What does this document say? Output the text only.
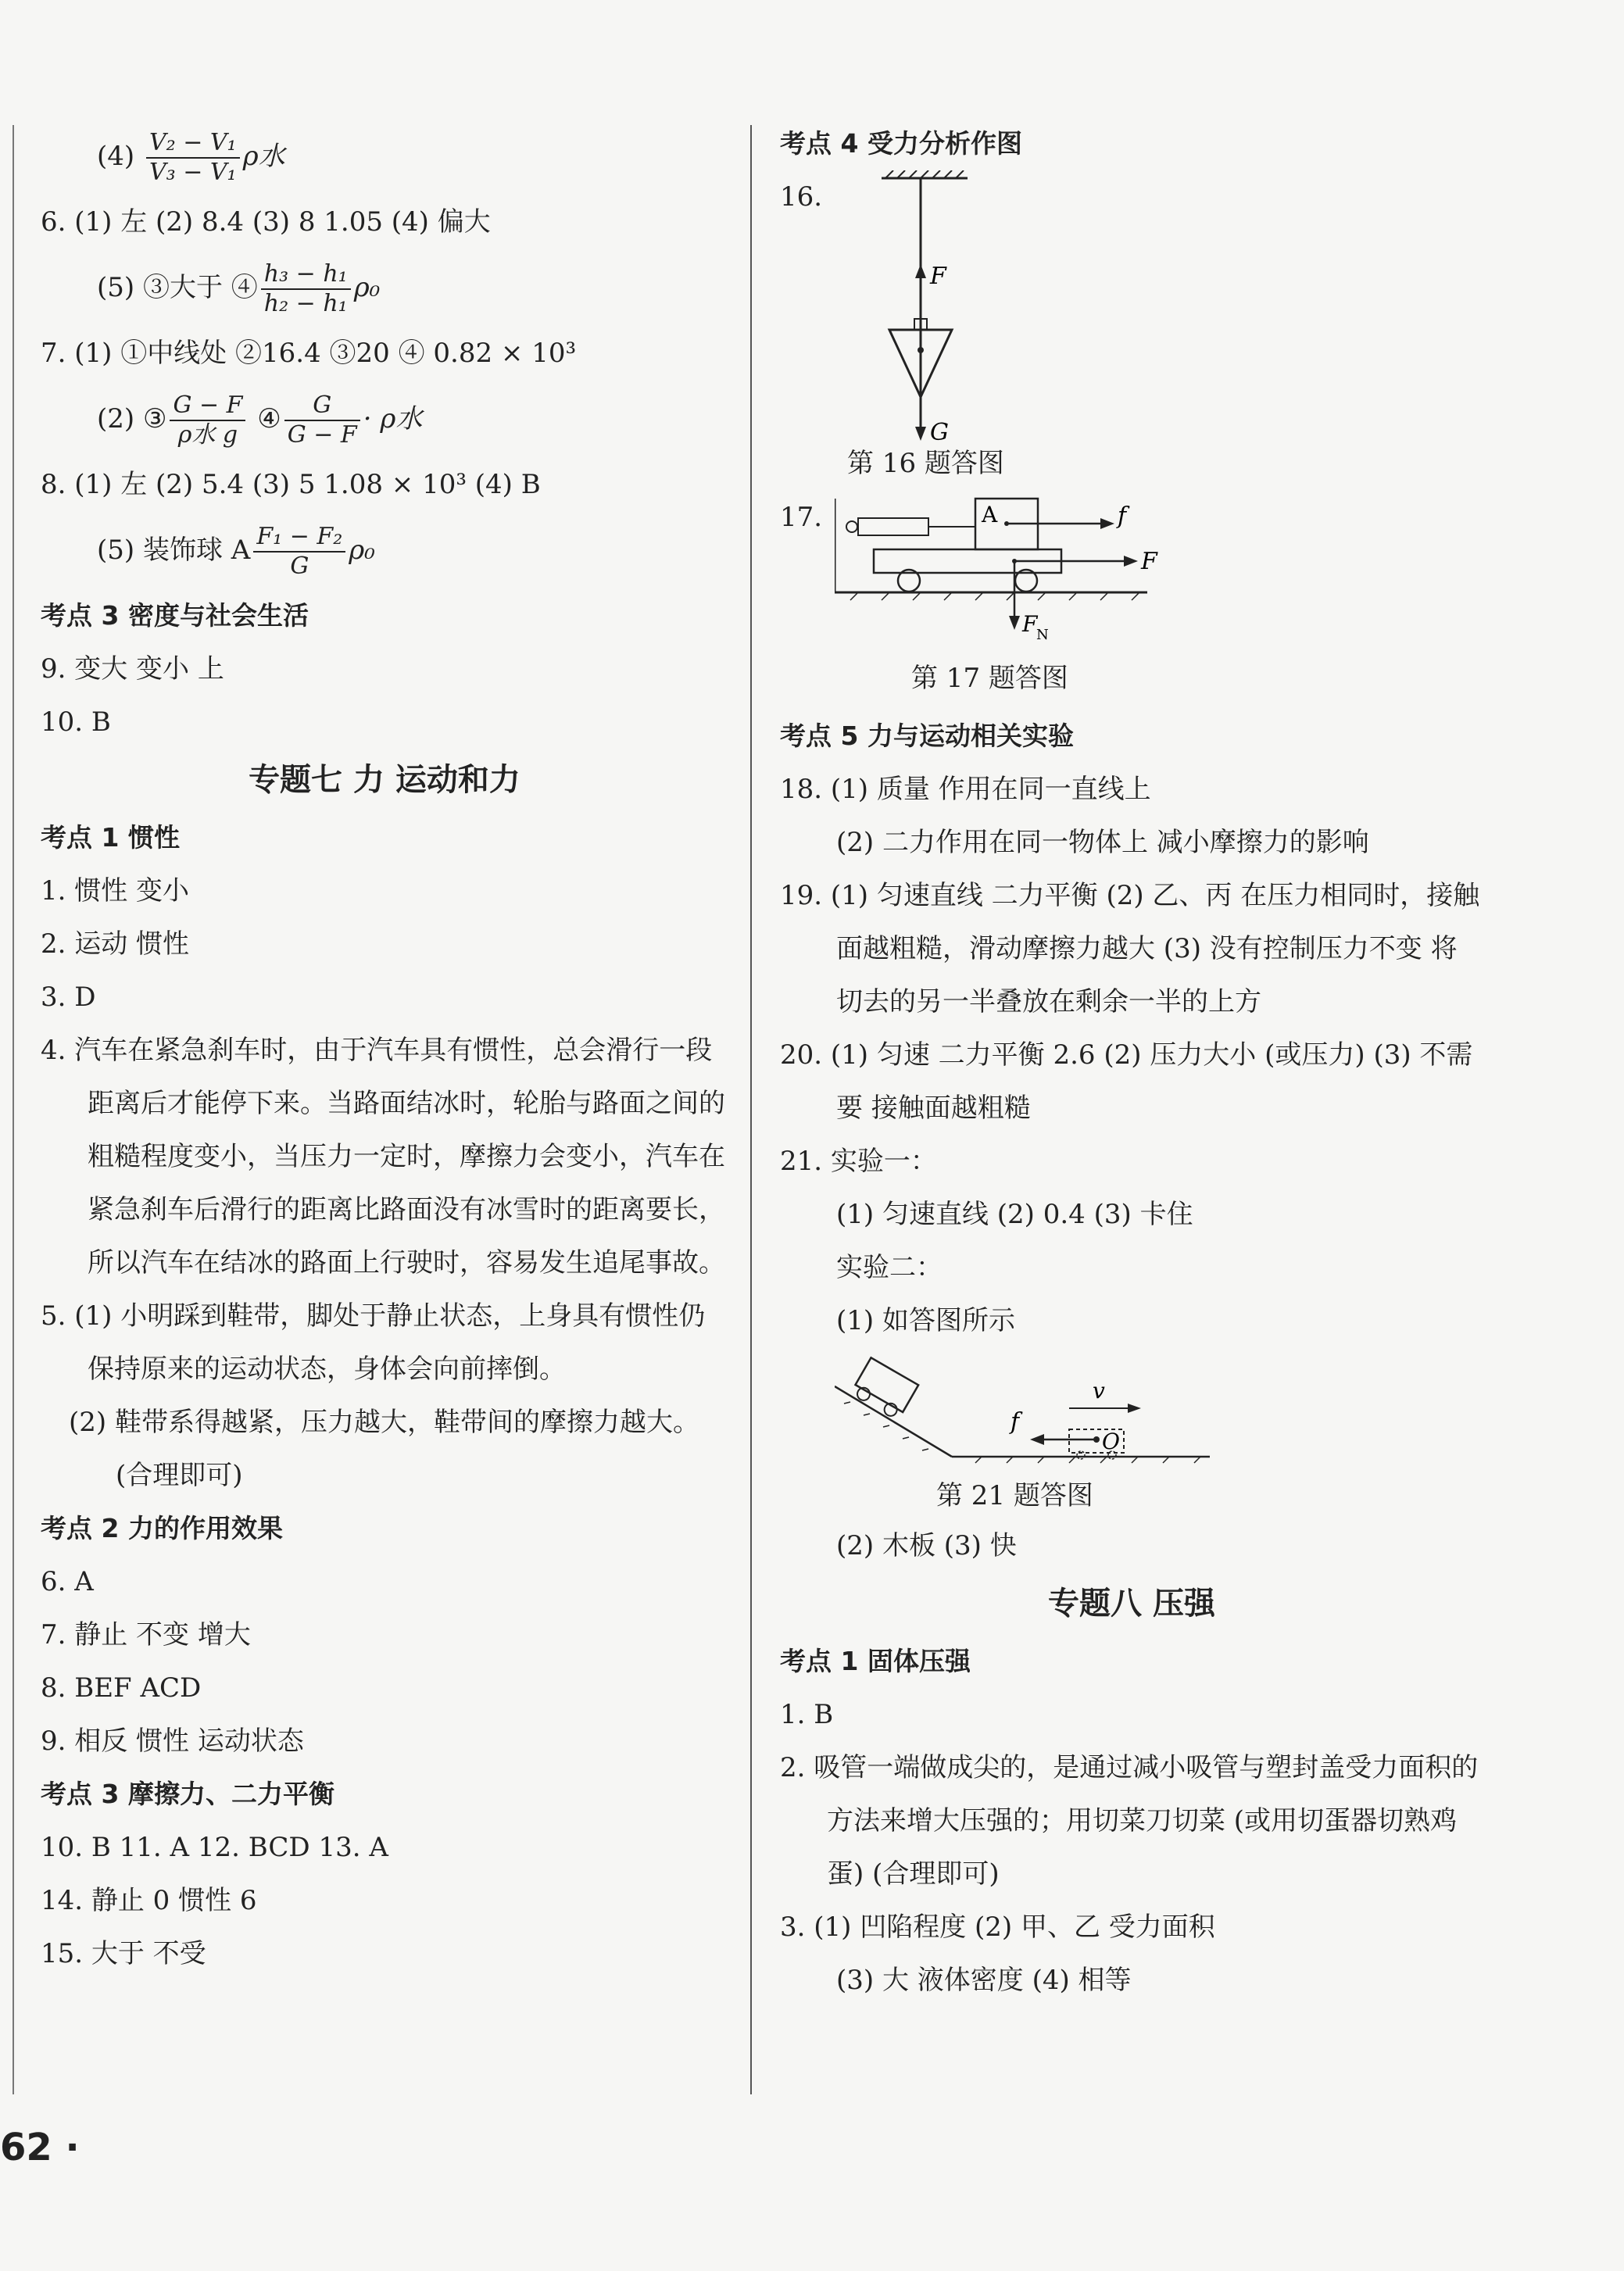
$(4) \frac{\text{V₂ − V₁}}{\text{V₃ − V₁}}$ ρ水
6. (1) 左 (2) 8.4 (3) 8 1.05 (4) 偏大
(5) ③大于 ④ $\frac{\text{h₃ − h₁}}{\text{h₂ − h₁}} \rho_0$
7. (1) ①中线处 ②16.4 ③20 ④ 0.82 × 10³
(2) ③ $\frac{G - F}{\text{ρ水 g}}$ ④ $\frac{G}{G - F} \cdot \rho$水
8. (1) 左 (2) 5.4 (3) 5 1.08 × 10³ (4) B
(5) 装饰球 A $\frac{\text{F₁ − F₂}}{G} \rho_0$
考点 3 密度与社会生活
9. 变大 变小 上
10. B
专题七 力 运动和力
考点 1 惯性
1. 惯性 变小
2. 运动 惯性
3. D
4. 汽车在紧急刹车时，由于汽车具有惯性，总会滑行一段距离后才能停下来。当路面结冰时，轮胎与路面之间的粗糙程度变小，当压力一定时，摩擦力会变小，汽车在紧急刹车后滑行的距离比路面没有冰雪时的距离要长，所以汽车在结冰的路面上行驶时，容易发生追尾事故。
5. (1) 小明踩到鞋带，脚处于静止状态，上身具有惯性仍保持原来的运动状态，身体会向前摔倒。
(2) 鞋带系得越紧，压力越大，鞋带间的摩擦力越大。(合理即可)
考点 2 力的作用效果
6. A
7. 静止 不变 增大
8. BEF ACD
9. 相反 惯性 运动状态
考点 3 摩擦力、二力平衡
10. B 11. A 12. BCD 13. A
14. 静止 0 惯性 6
15. 大于 不受
考点 4 受力分析作图
16.
F
G
第 16 题答图
17.	A	f
F
F
N
第 17 题答图
考点 5 力与运动相关实验
18. (1) 质量 作用在同一直线上
(2) 二力作用在同一物体上 减小摩擦力的影响
19. (1) 匀速直线 二力平衡 (2) 乙、丙 在压力相同时，接触面越粗糙，滑动摩擦力越大 (3) 没有控制压力不变 将切去的另一半叠放在剩余一半的上方
20. (1) 匀速 二力平衡 2.6 (2) 压力大小 (或压力) (3) 不需要 接触面越粗糙
21. 实验一：
(1) 匀速直线 (2) 0.4 (3) 卡住
实验二：
(1) 如答图所示
f
O
v
第 21 题答图
(2) 木板 (3) 快
专题八 压强
考点 1 固体压强
1. B
2. 吸管一端做成尖的，是通过减小吸管与塑封盖受力面积的方法来增大压强的；用切菜刀切菜 (或用切蛋器切熟鸡蛋) (合理即可)
3. (1) 凹陷程度 (2) 甲、乙 受力面积
(3) 大 液体密度 (4) 相等
62 ·
